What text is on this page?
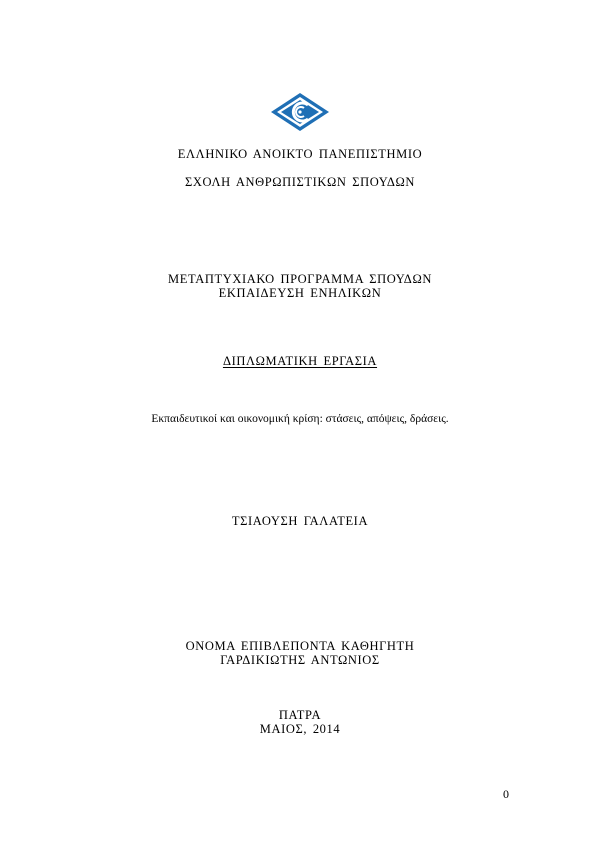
ΕΛΛΗΝΙΚΟ ΑΝΟΙΚΤΟ ΠΑΝΕΠΙΣΤΗΜΙΟ
ΣΧΟΛΗ ΑΝΘΡΩΠΙΣΤΙΚΩΝ ΣΠΟΥΔΩΝ
ΜΕΤΑΠΤΥΧΙΑΚΟ ΠΡΟΓΡΑΜΜΑ ΣΠΟΥΔΩΝ
ΕΚΠΑΙΔΕΥΣΗ ΕΝΗΛΙΚΩΝ
ΔΙΠΛΩΜΑΤΙΚΗ ΕΡΓΑΣΙΑ
Εκπαιδευτικοί και οικονομική κρίση: στάσεις, απόψεις, δράσεις.
ΤΣΙΑΟΥΣΗ ΓΑΛΑΤΕΙΑ
ΟΝΟΜΑ ΕΠΙΒΛΕΠΟΝΤΑ ΚΑΘΗΓΗΤΗ
ΓΑΡΔΙΚΙΩΤΗΣ ΑΝΤΩΝΙΟΣ
ΠΑΤΡΑ
ΜΑΙΟΣ, 2014
0
